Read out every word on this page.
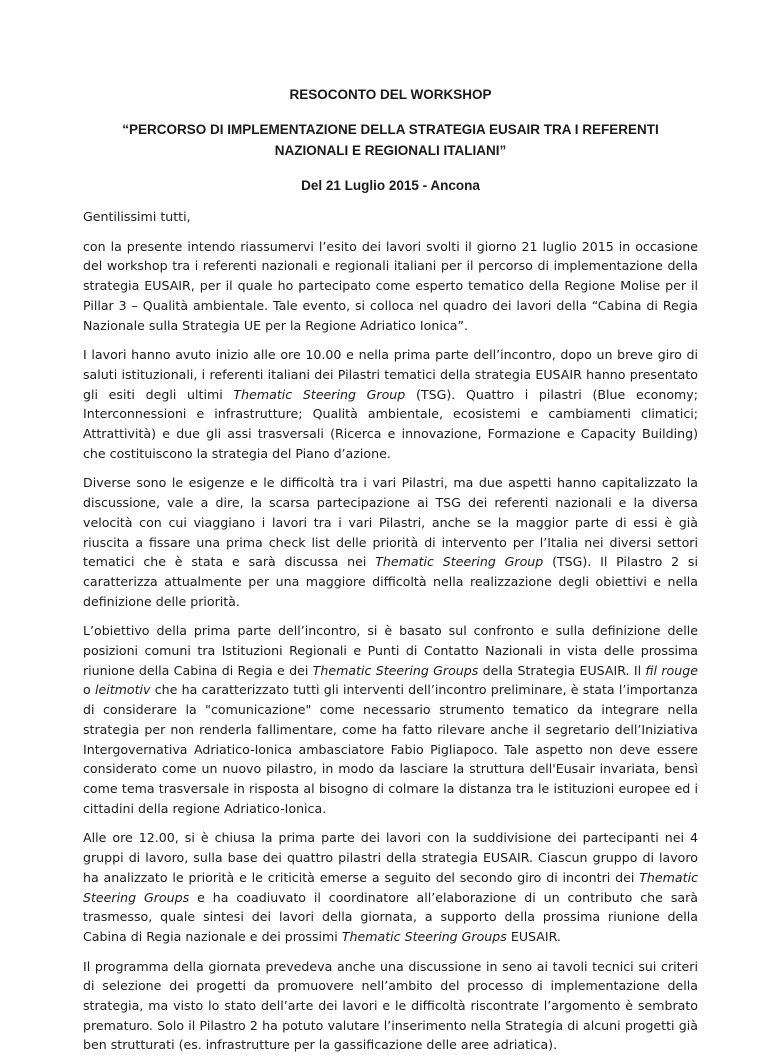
RESOCONTO DEL WORKSHOP
“PERCORSO DI IMPLEMENTAZIONE DELLA STRATEGIA EUSAIR TRA I REFERENTI NAZIONALI E REGIONALI ITALIANI”
Del 21 Luglio 2015 - Ancona

Gentilissimi tutti,

con la presente intendo riassumervi l’esito dei lavori svolti il giorno 21 luglio 2015 in occasione del workshop tra i referenti nazionali e regionali italiani per il percorso di implementazione della strategia EUSAIR, per il quale ho partecipato come esperto tematico della Regione Molise per il Pillar 3 – Qualità ambientale. Tale evento, si colloca nel quadro dei lavori della “Cabina di Regia Nazionale sulla Strategia UE per la Regione Adriatico Ionica”.

I lavori hanno avuto inizio alle ore 10.00 e nella prima parte dell’incontro, dopo un breve giro di saluti istituzionali, i referenti italiani dei Pilastri tematici della strategia EUSAIR hanno presentato gli esiti degli ultimi Thematic Steering Group (TSG). Quattro i pilastri (Blue economy; Interconnessioni e infrastrutture; Qualità ambientale, ecosistemi e cambiamenti climatici; Attrattività) e due gli assi trasversali (Ricerca e innovazione, Formazione e Capacity Building) che costituiscono la strategia del Piano d’azione.

Diverse sono le esigenze e le difficoltà tra i vari Pilastri, ma due aspetti hanno capitalizzato la discussione, vale a dire, la scarsa partecipazione ai TSG dei referenti nazionali e la diversa velocità con cui viaggiano i lavori tra i vari Pilastri, anche se la maggior parte di essi è già riuscita a fissare una prima check list delle priorità di intervento per l’Italia nei diversi settori tematici che è stata e sarà discussa nei Thematic Steering Group (TSG). Il Pilastro 2 si caratterizza attualmente per una maggiore difficoltà nella realizzazione degli obiettivi e nella definizione delle priorità.

L’obiettivo della prima parte dell’incontro, si è basato sul confronto e sulla definizione delle posizioni comuni tra Istituzioni Regionali e Punti di Contatto Nazionali in vista delle prossima riunione della Cabina di Regia e dei Thematic Steering Groups della Strategia EUSAIR. Il fil rouge o leitmotiv che ha caratterizzato tutti gli interventi dell’incontro preliminare, è stata l’importanza di considerare la "comunicazione" come necessario strumento tematico da integrare nella strategia per non renderla fallimentare, come ha fatto rilevare anche il segretario dell’Iniziativa Intergovernativa Adriatico-Ionica ambasciatore Fabio Pigliapoco. Tale aspetto non deve essere considerato come un nuovo pilastro, in modo da lasciare la struttura dell'Eusair invariata, bensì come tema trasversale in risposta al bisogno di colmare la distanza tra le istituzioni europee ed i cittadini della regione Adriatico-Ionica.

Alle ore 12.00, si è chiusa la prima parte dei lavori con la suddivisione dei partecipanti nei 4 gruppi di lavoro, sulla base dei quattro pilastri della strategia EUSAIR. Ciascun gruppo di lavoro ha analizzato le priorità e le criticità emerse a seguito del secondo giro di incontri dei Thematic Steering Groups e ha coadiuvato il coordinatore all’elaborazione di un contributo che sarà trasmesso, quale sintesi dei lavori della giornata, a supporto della prossima riunione della Cabina di Regia nazionale e dei prossimi Thematic Steering Groups EUSAIR.

Il programma della giornata prevedeva anche una discussione in seno ai tavoli tecnici sui criteri di selezione dei progetti da promuovere nell’ambito del processo di implementazione della strategia, ma visto lo stato dell’arte dei lavori e le difficoltà riscontrate l’argomento è sembrato prematuro. Solo il Pilastro 2 ha potuto valutare l’inserimento nella Strategia di alcuni progetti già ben strutturati (es. infrastrutture per la gassificazione delle aree adriatica).
